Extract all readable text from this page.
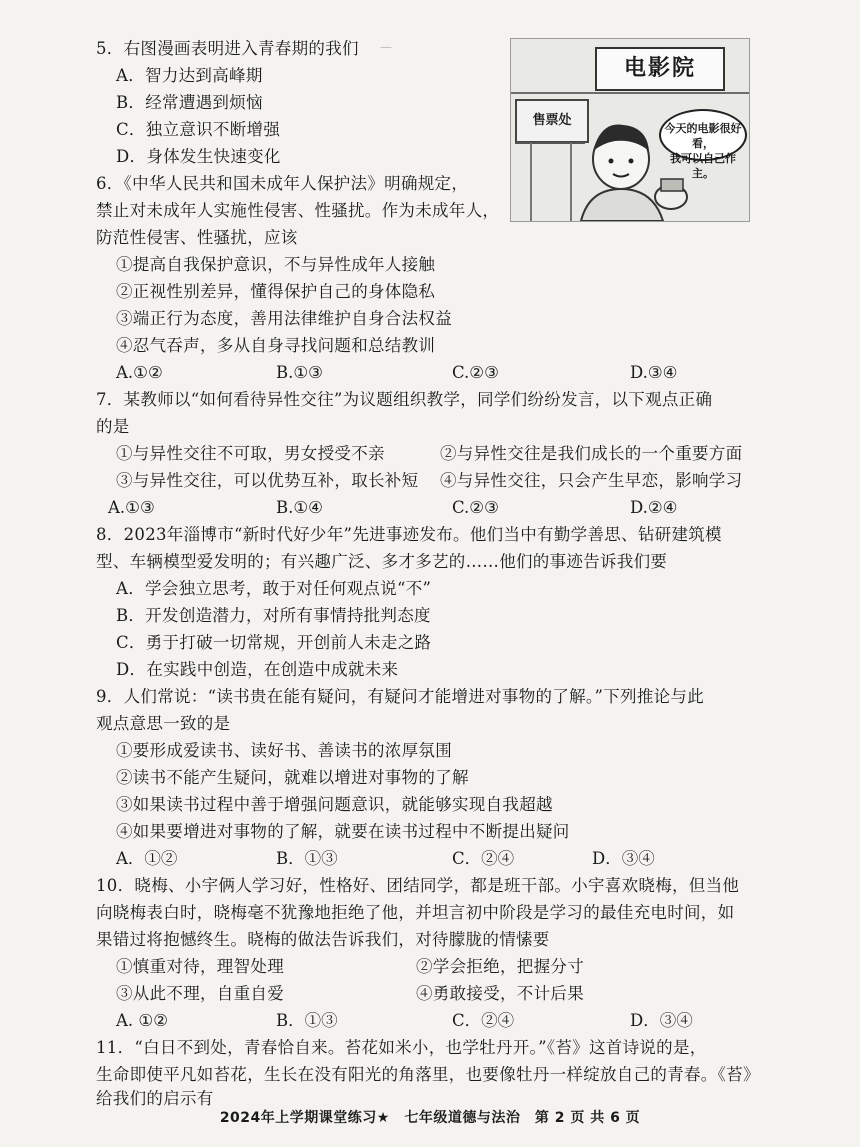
—
5．右图漫画表明进入青春期的我们
A．智力达到高峰期
B．经常遭遇到烦恼
C．独立意识不断增强
D．身体发生快速变化
电影院
售票处
今天的电影很好看，
我可以自己作主。
6．《中华人民共和国未成年人保护法》明确规定，
禁止对未成年人实施性侵害、性骚扰。作为未成年人，
防范性侵害、性骚扰，应该
①提高自我保护意识，不与异性成年人接触
②正视性别差异，懂得保护自己的身体隐私
③端正行为态度，善用法律维护自身合法权益
④忍气吞声，多从自身寻找问题和总结教训
A.①②	B.①③	C.②③	D.③④
7．某教师以“如何看待异性交往”为议题组织教学，同学们纷纷发言，以下观点正确
的是
①与异性交往不可取，男女授受不亲	②与异性交往是我们成长的一个重要方面
③与异性交往，可以优势互补，取长补短 ④与异性交往，只会产生早恋，影响学习
A.①③	B.①④	C.②③	D.②④
8．2023年淄博市“新时代好少年”先进事迹发布。他们当中有勤学善思、钻研建筑模
型、车辆模型爱发明的；有兴趣广泛、多才多艺的……他们的事迹告诉我们要
A．学会独立思考，敢于对任何观点说“不”
B．开发创造潜力，对所有事情持批判态度
C．勇于打破一切常规，开创前人未走之路
D．在实践中创造，在创造中成就未来
9．人们常说：“读书贵在能有疑问，有疑问才能增进对事物的了解。”下列推论与此
观点意思一致的是
①要形成爱读书、读好书、善读书的浓厚氛围
②读书不能产生疑问，就难以增进对事物的了解
③如果读书过程中善于增强问题意识，就能够实现自我超越
④如果要增进对事物的了解，就要在读书过程中不断提出疑问
A．①②	B．①③	C．②④	D．③④
10．晓梅、小宇俩人学习好，性格好、团结同学，都是班干部。小宇喜欢晓梅，但当他
向晓梅表白时，晓梅毫不犹豫地拒绝了他，并坦言初中阶段是学习的最佳充电时间，如
果错过将抱憾终生。晓梅的做法告诉我们，对待朦胧的情愫要
①慎重对待，理智处理	②学会拒绝，把握分寸
③从此不理，自重自爱	④勇敢接受，不计后果
A. ①②	B．①③	C．②④	D．③④
11．“白日不到处，青春恰自来。苔花如米小，也学牡丹开。”《苔》这首诗说的是，
生命即使平凡如苔花，生长在没有阳光的角落里，也要像牡丹一样绽放自己的青春。《苔》
给我们的启示有
2024年上学期课堂练习★　七年级道德与法治　第 2 页 共 6 页
